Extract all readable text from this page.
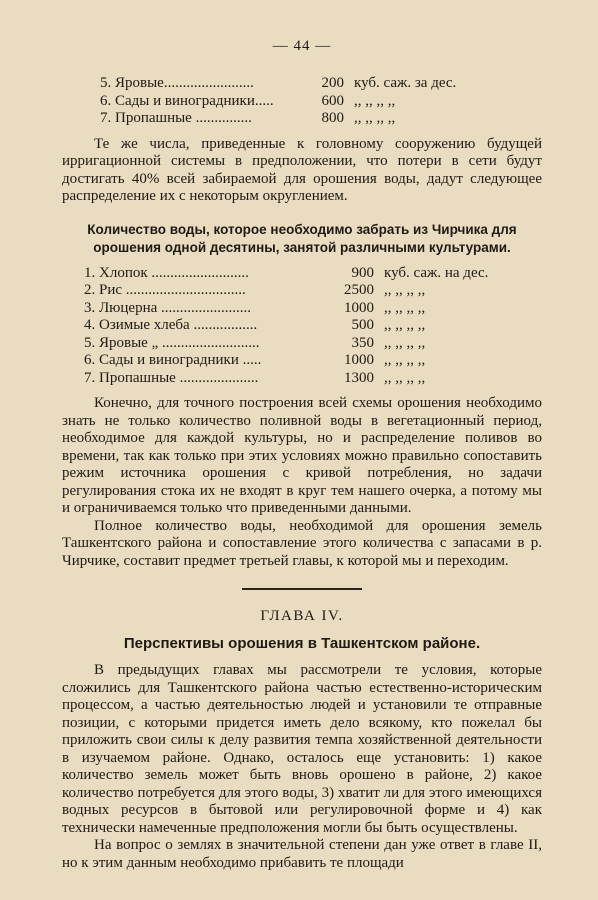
— 44 —
5. Яровые........................	200 куб. саж. за дес.
6. Сады и виноградники.....	600 ,, ,, ,, ,,
7. Пропашные ...............	800 ,, ,, ,, ,,

Те же числа, приведенные к головному сооружению будущей ирригационной системы в предположении, что потери в сети будут достигать 40% всей забираемой для орошения воды, дадут следующее распределение их с некоторым округлением.

Количество воды, которое необходимо забрать из Чирчика для орошения одной десятины, занятой различными культурами.
1. Хлопок ..........................	900 куб. саж. на дес.
2. Рис ................................	2500 ,, ,, ,, ,,
3. Люцерна ........................	1000 ,, ,, ,, ,,
4. Озимые хлеба .................	500 ,, ,, ,, ,,
5. Яровые „ ..........................	350 ,, ,, ,, ,,
6. Сады и виноградники .....	1000 ,, ,, ,, ,,
7. Пропашные .....................	1300 ,, ,, ,, ,,

Конечно, для точного построения всей схемы орошения необходимо знать не только количество поливной воды в вегетационный период, необходимое для каждой культуры, но и распределение поливов во времени, так как только при этих условиях можно правильно сопоставить режим источника орошения с кривой потребления, но задачи регулирования стока их не входят в круг тем нашего очерка, а потому мы и ограничиваемся только что приведенными данными.

Полное количество воды, необходимой для орошения земель Ташкентского района и сопоставление этого количества с запасами в р. Чирчике, составит предмет третьей главы, к которой мы и переходим.

ГЛАВА IV.
Перспективы орошения в Ташкентском районе.

В предыдущих главах мы рассмотрели те условия, которые сложились для Ташкентского района частью естественно-историческим процессом, а частью деятельностью людей и установили те отправные позиции, с которыми придется иметь дело всякому, кто пожелал бы приложить свои силы к делу развития темпа хозяйственной деятельности в изучаемом районе. Однако, осталось еще установить: 1) какое количество земель может быть вновь орошено в районе, 2) какое количество потребуется для этого воды, 3) хватит ли для этого имеющихся водных ресурсов в бытовой или регулировочной форме и 4) как технически намеченные предположения могли бы быть осуществлены.

На вопрос о землях в значительной степени дан уже ответ в главе II, но к этим данным необходимо прибавить те площади
